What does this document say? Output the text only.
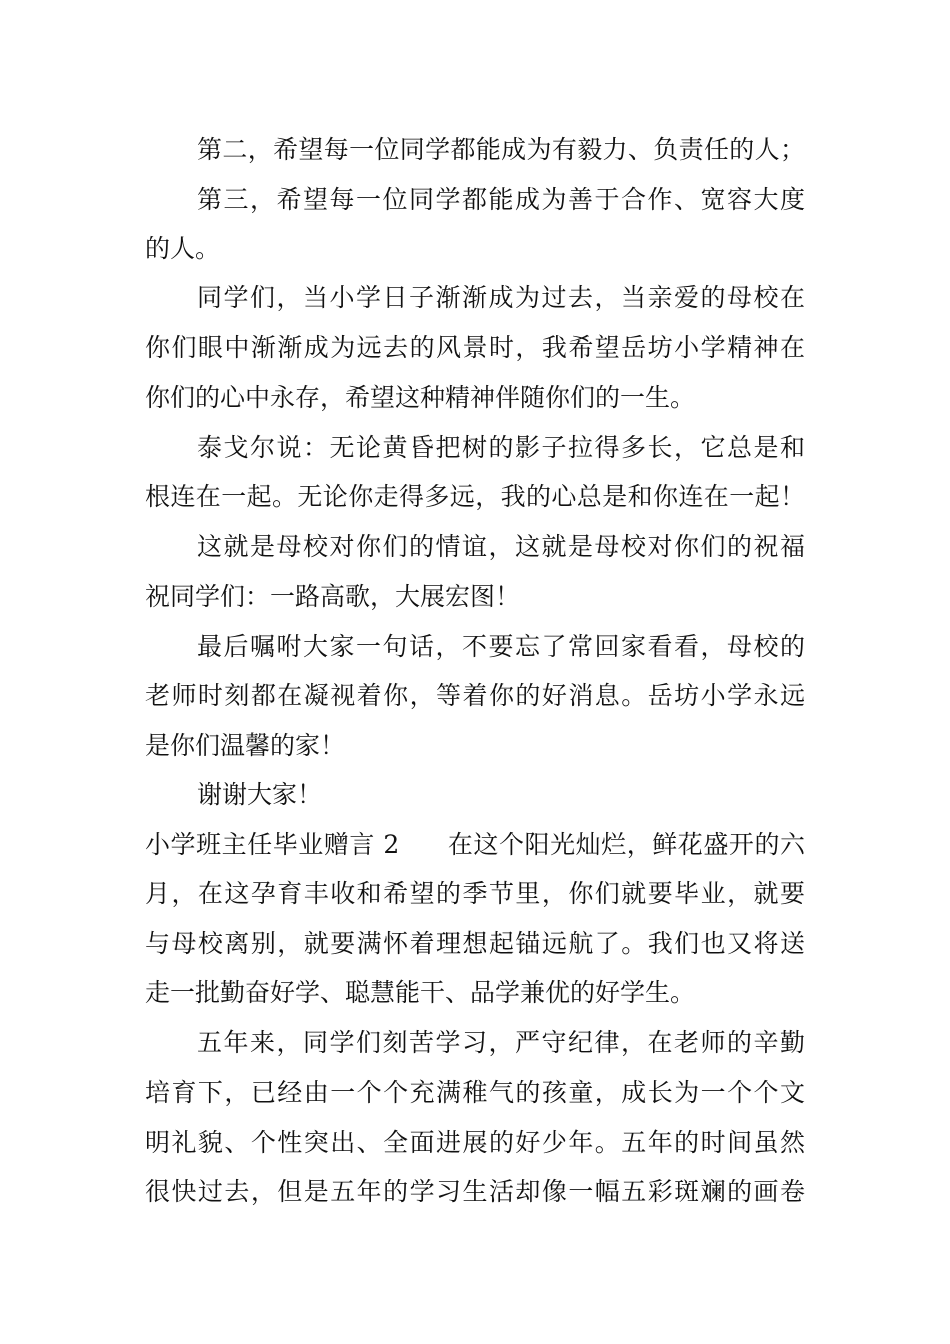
第二，希望每一位同学都能成为有毅力、负责任的人；
第三，希望每一位同学都能成为善于合作、宽容大度
的人。
同学们，当小学日子渐渐成为过去，当亲爱的母校在
你们眼中渐渐成为远去的风景时，我希望岳坊小学精神在
你们的心中永存，希望这种精神伴随你们的一生。
泰戈尔说：无论黄昏把树的影子拉得多长，它总是和
根连在一起。无论你走得多远，我的心总是和你连在一起！
这就是母校对你们的情谊，这就是母校对你们的祝福
祝同学们：一路高歌，大展宏图！
最后嘱咐大家一句话，不要忘了常回家看看，母校的
老师时刻都在凝视着你，等着你的好消息。岳坊小学永远
是你们温馨的家！
谢谢大家！
小学班主任毕业赠言 2 在这个阳光灿烂，鲜花盛开的六
月，在这孕育丰收和希望的季节里，你们就要毕业，就要
与母校离别，就要满怀着理想起锚远航了。我们也又将送
走一批勤奋好学、聪慧能干、品学兼优的好学生。
五年来，同学们刻苦学习，严守纪律，在老师的辛勤
培育下，已经由一个个充满稚气的孩童，成长为一个个文
明礼貌、个性突出、全面进展的好少年。五年的时间虽然
很快过去，但是五年的学习生活却像一幅五彩斑斓的画卷
